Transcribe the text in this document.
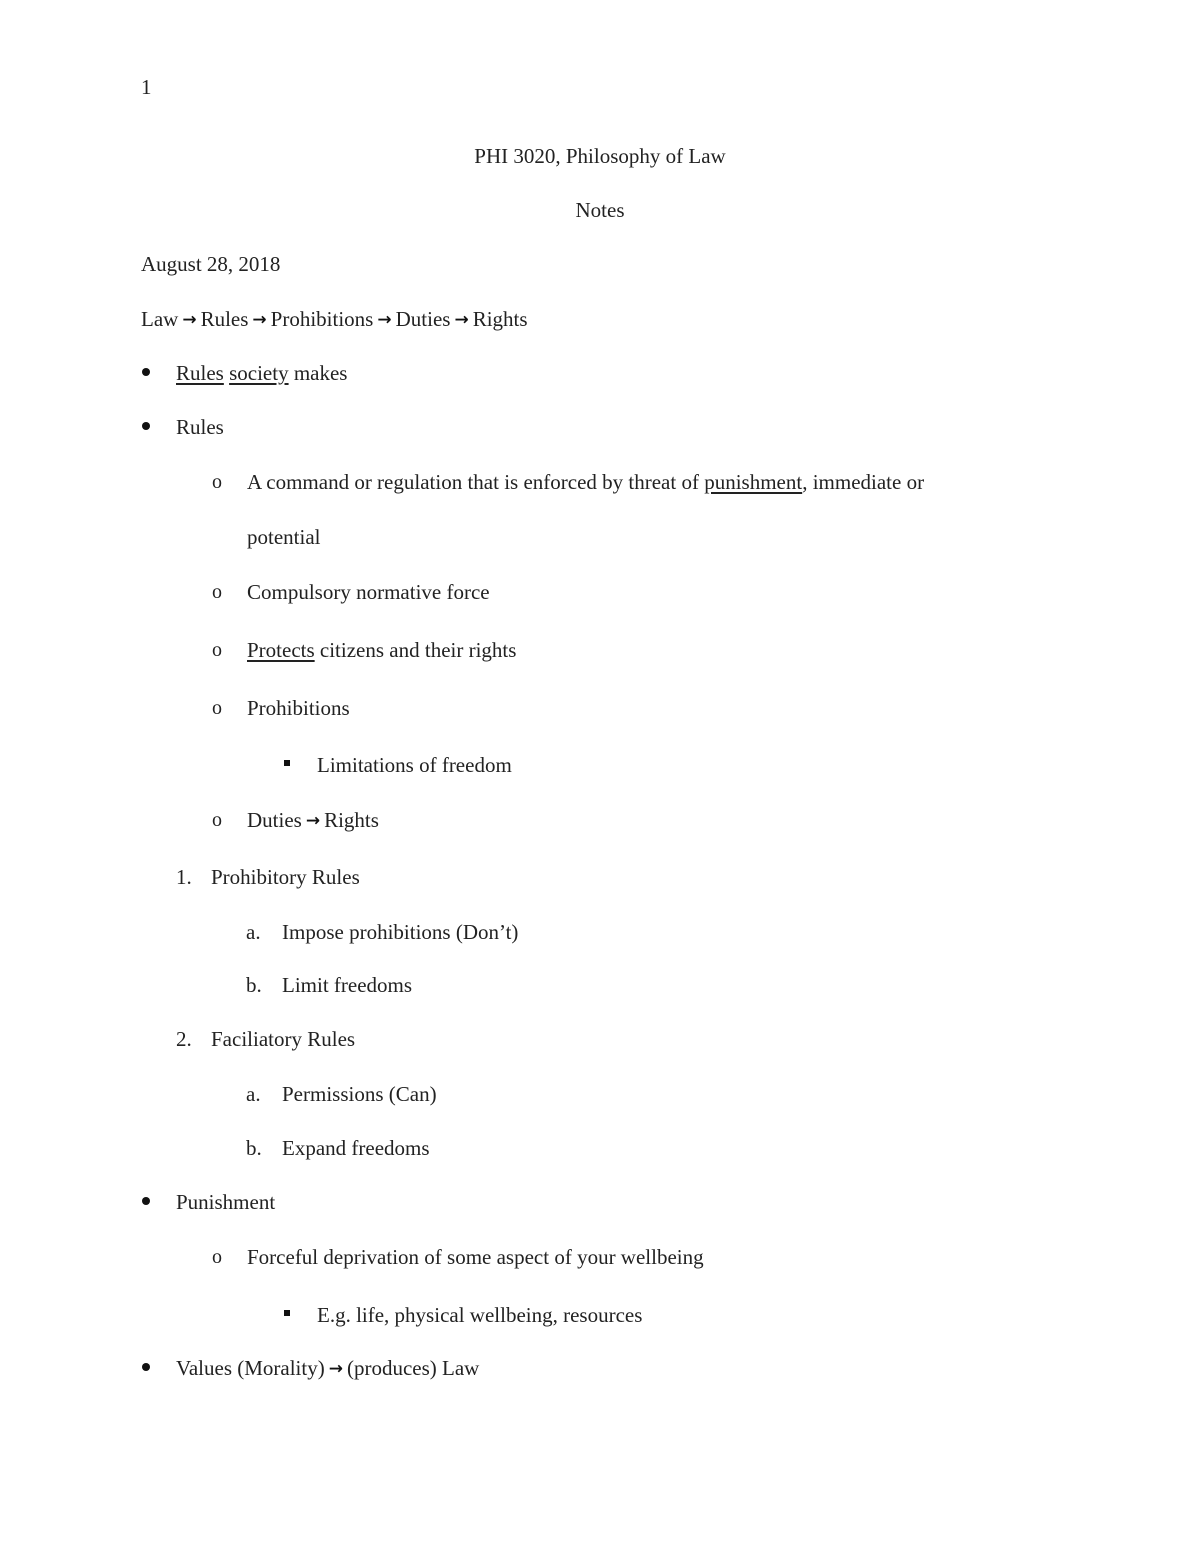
1
PHI 3020, Philosophy of Law
Notes
August 28, 2018
Law → Rules → Prohibitions → Duties → Rights
Rules society makes
Rules
o A command or regulation that is enforced by threat of punishment, immediate or
potential
o Compulsory normative force
o Protects citizens and their rights
o Prohibitions
Limitations of freedom
o Duties → Rights
1. Prohibitory Rules
a. Impose prohibitions (Don’t)
b. Limit freedoms
2. Faciliatory Rules
a. Permissions (Can)
b. Expand freedoms
Punishment
o Forceful deprivation of some aspect of your wellbeing
E.g. life, physical wellbeing, resources
Values (Morality) → (produces) Law
